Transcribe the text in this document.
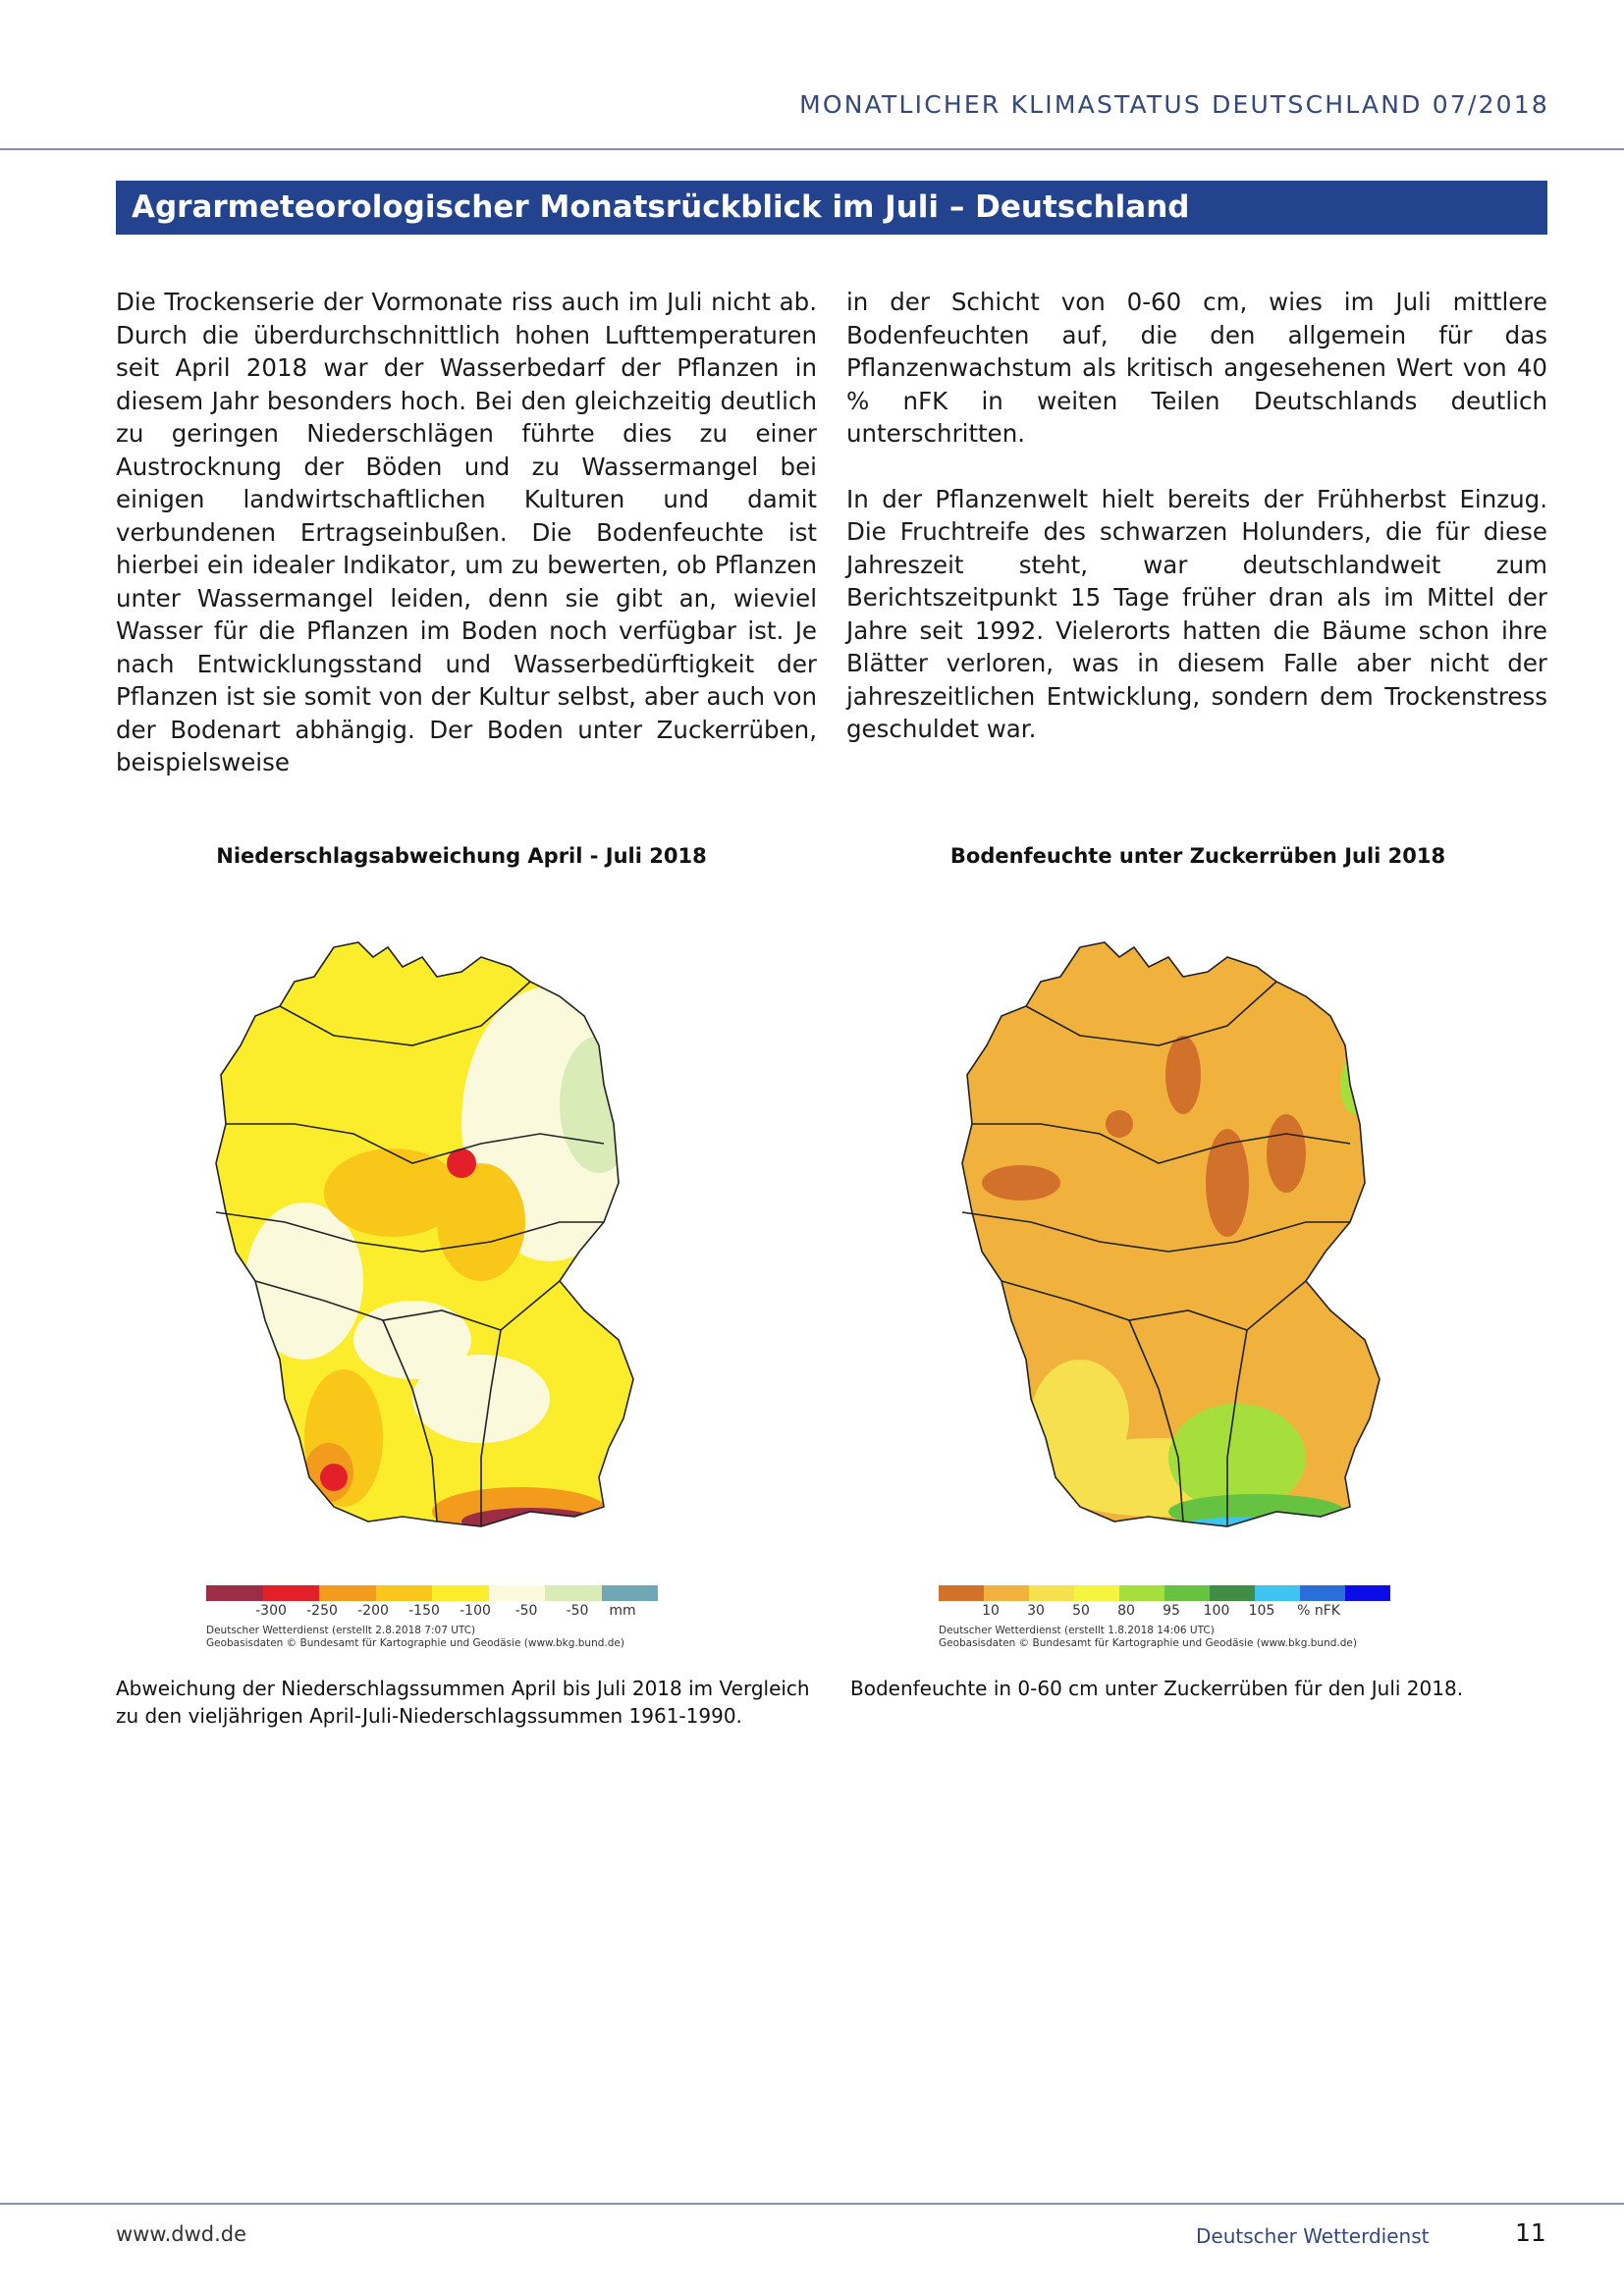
MONATLICHER KLIMASTATUS DEUTSCHLAND 07/2018
Agrarmeteorologischer Monatsrückblick im Juli – Deutschland

Die Trockenserie der Vormonate riss auch im Juli nicht ab. Durch die überdurchschnittlich hohen Lufttemperaturen seit April 2018 war der Wasserbedarf der Pflanzen in diesem Jahr besonders hoch. Bei den gleichzeitig deutlich zu geringen Niederschlägen führte dies zu einer Austrocknung der Böden und zu Wassermangel bei einigen landwirtschaftlichen Kulturen und damit verbundenen Ertragseinbußen. Die Bodenfeuchte ist hierbei ein idealer Indikator, um zu bewerten, ob Pflanzen unter Wassermangel leiden, denn sie gibt an, wieviel Wasser für die Pflanzen im Boden noch verfügbar ist. Je nach Entwicklungsstand und Wasserbedürftigkeit der Pflanzen ist sie somit von der Kultur selbst, aber auch von der Bodenart abhängig. Der Boden unter Zuckerrüben, beispielsweise

in der Schicht von 0-60 cm, wies im Juli mittlere Bodenfeuchten auf, die den allgemein für das Pflanzenwachstum als kritisch angesehenen Wert von 40 % nFK in weiten Teilen Deutschlands deutlich unterschritten.

In der Pflanzenwelt hielt bereits der Frühherbst Einzug. Die Fruchtreife des schwarzen Holunders, die für diese Jahreszeit steht, war deutschlandweit zum Berichtszeitpunkt 15 Tage früher dran als im Mittel der Jahre seit 1992. Vielerorts hatten die Bäume schon ihre Blätter verloren, was in diesem Falle aber nicht der jahreszeitlichen Entwicklung, sondern dem Trockenstress geschuldet war.

Niederschlagsabweichung April - Juli 2018
-300	-250	-200	-150	-100	-50	-50	mm
Deutscher Wetterdienst (erstellt 2.8.2018 7:07 UTC)
Geobasisdaten © Bundesamt für Kartographie und Geodäsie (www.bkg.bund.de)
Abweichung der Niederschlagssummen April bis Juli 2018 im Vergleich zu den vieljährigen April-Juli-Niederschlagssummen 1961-1990.
Bodenfeuchte unter Zuckerrüben Juli 2018
10	30	50	80	95	100	105	% nFK
Deutscher Wetterdienst (erstellt 1.8.2018 14:06 UTC)
Geobasisdaten © Bundesamt für Kartographie und Geodäsie (www.bkg.bund.de)
Bodenfeuchte in 0-60 cm unter Zuckerrüben für den Juli 2018.
www.dwd.de	Deutscher Wetterdienst	11
